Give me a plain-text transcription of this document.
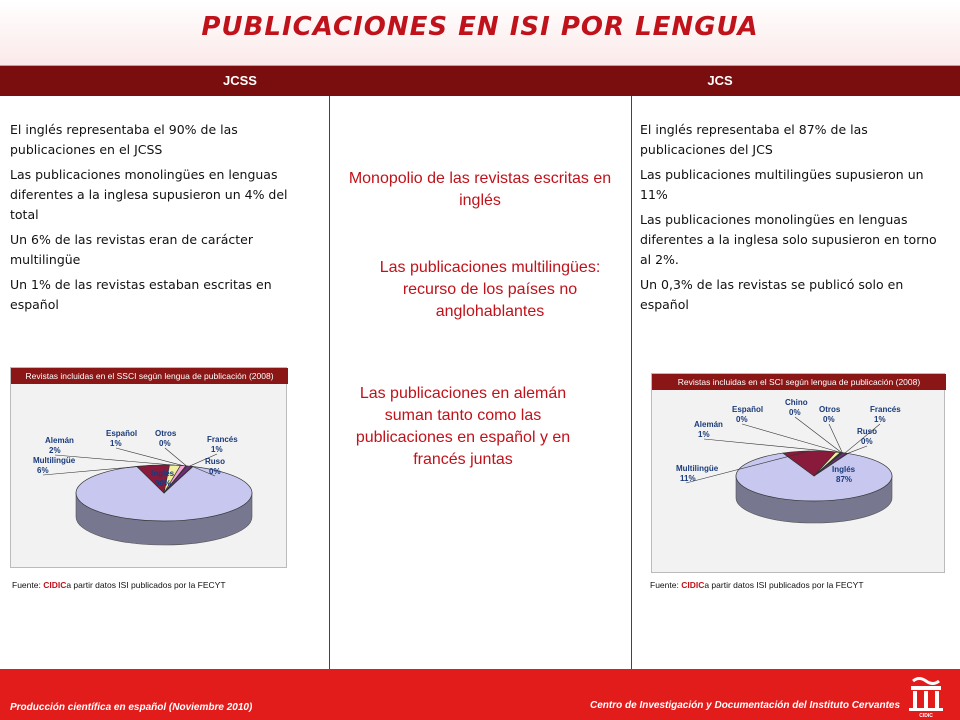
PUBLICACIONES EN ISI POR LENGUA
JCSS	JCS

El inglés representaba el 90% de las publicaciones en el JCSS

Las publicaciones monolingües en lenguas diferentes a la inglesa supusieron un 4% del total

Un 6% de las revistas eran de carácter multilingüe

Un 1% de las revistas estaban escritas en español

El inglés representaba el 87% de las publicaciones del JCS

Las publicaciones multilingües supusieron un 11%

Las publicaciones monolingües en lenguas diferentes a la inglesa solo supusieron en torno al 2%.

Un 0,3% de las revistas se publicó solo en español

Monopolio de las revistas escritas en inglés
Las publicaciones multilingües: recurso de los países no anglohablantes
Las publicaciones en alemán suman tanto como las publicaciones en español y en francés juntas
Revistas incluidas en el SSCI según lengua de publicación (2008)
Inglés
90%
Multilingüe
6%
Alemán
2%
Español
1%
Otros
0%	Francés
1%
Ruso
0%
Revistas incluidas en el SCI según lengua de publicación (2008)
Inglés
87%
Multilingüe
11%
Alemán
1%
Español
0%
Chino
0% Otros
0%
Francés
1%
Ruso
0%
Fuente: CIDICa partir datos ISI publicados por la FECYT	Fuente: CIDICa partir datos ISI publicados por la FECYT
Producción científica en español (Noviembre 2010)	Centro de Investigación y Documentación del Instituto Cervantes
CIDIC
